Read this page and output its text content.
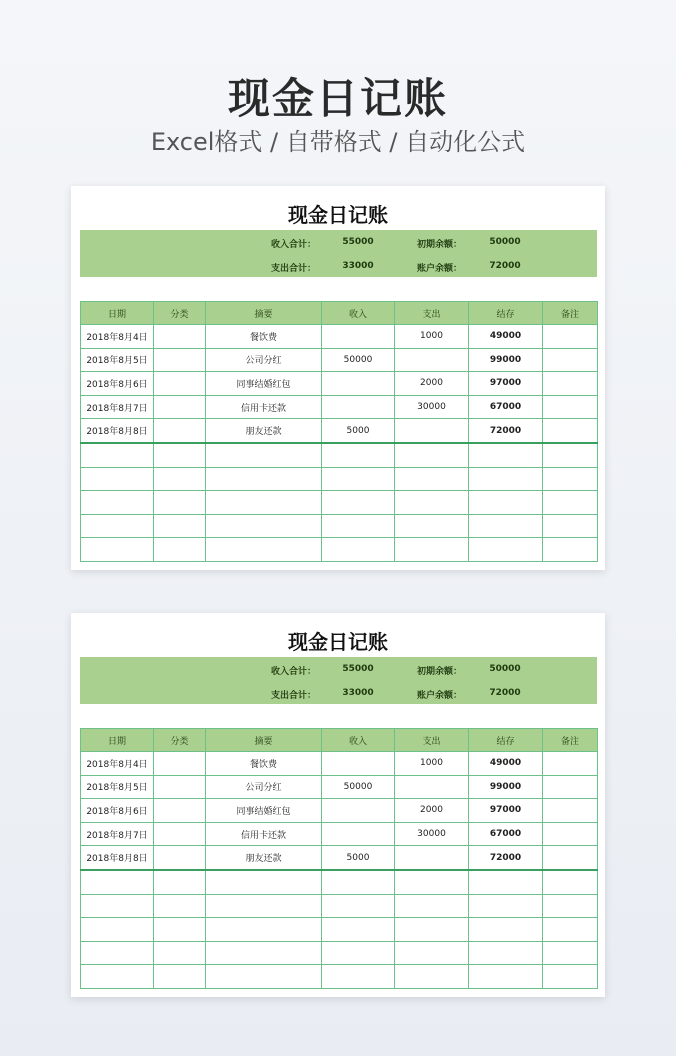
现金日记账
Excel格式 / 自带格式 / 自动化公式
现金日记账
收入合计：	55000	初期余额：	50000
支出合计：	33000	账户余额：	72000
日期	分类	摘要	收入	支出	结存	备注
2018年8月4日		餐饮费		1000	49000	
2018年8月5日		公司分红	50000		99000	
2018年8月6日		同事结婚红包		2000	97000	
2018年8月7日		信用卡还款		30000	67000	
2018年8月8日		朋友还款	5000		72000	

现金日记账
收入合计：	55000	初期余额：	50000
支出合计：	33000	账户余额：	72000
日期	分类	摘要	收入	支出	结存	备注
2018年8月4日		餐饮费		1000	49000	
2018年8月5日		公司分红	50000		99000	
2018年8月6日		同事结婚红包		2000	97000	
2018年8月7日		信用卡还款		30000	67000	
2018年8月8日		朋友还款	5000		72000	
